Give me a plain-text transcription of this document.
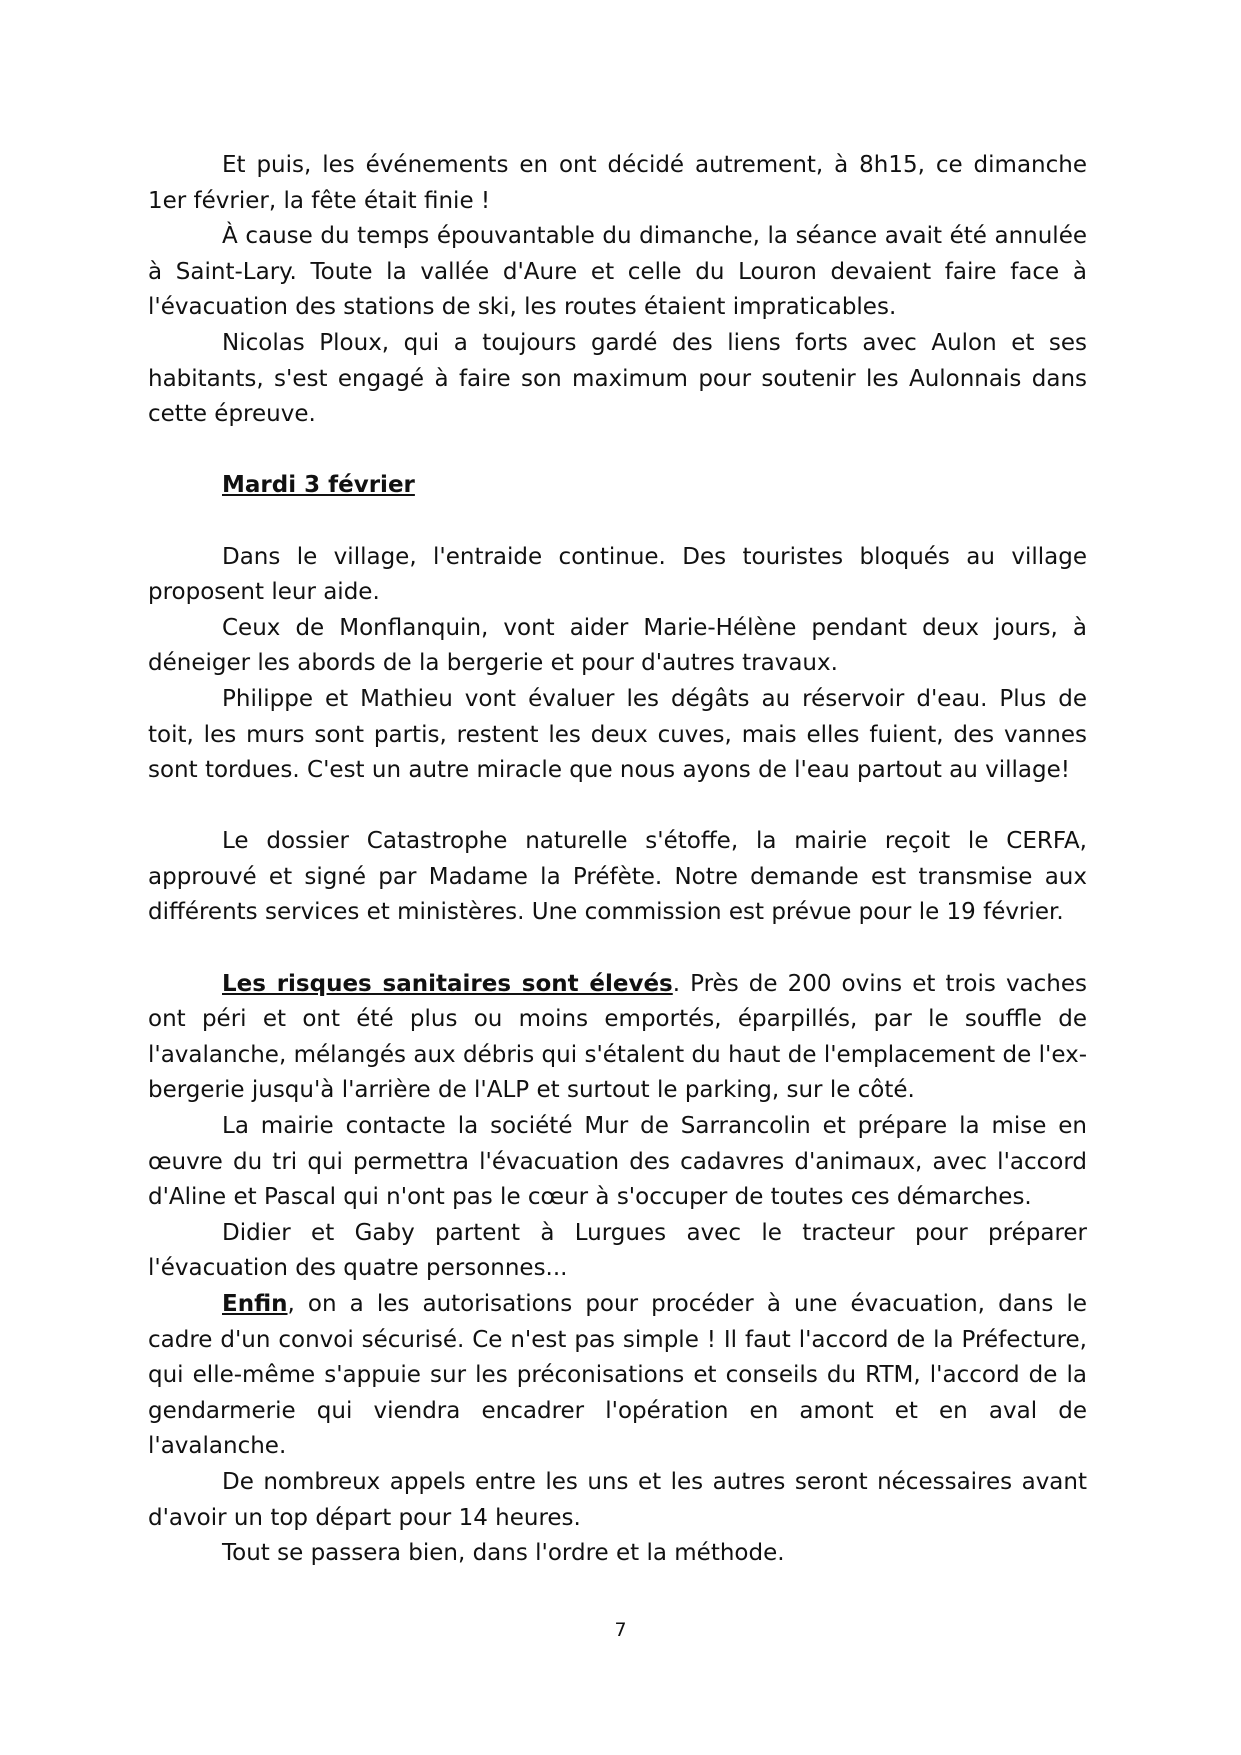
Et puis, les événements en ont décidé autrement, à 8h15, ce dimanche 1er février, la fête était finie !

À cause du temps épouvantable du dimanche, la séance avait été annulée à Saint-Lary. Toute la vallée d'Aure et celle du Louron devaient faire face à l'évacuation des stations de ski, les routes étaient impraticables.

Nicolas Ploux, qui a toujours gardé des liens forts avec Aulon et ses habitants, s'est engagé à faire son maximum pour soutenir les Aulonnais dans cette épreuve.

Mardi 3 février

Dans le village, l'entraide continue. Des touristes bloqués au village proposent leur aide.

Ceux de Monflanquin, vont aider Marie-Hélène pendant deux jours, à déneiger les abords de la bergerie et pour d'autres travaux.

Philippe et Mathieu vont évaluer les dégâts au réservoir d'eau. Plus de toit, les murs sont partis, restent les deux cuves, mais elles fuient, des vannes sont tordues. C'est un autre miracle que nous ayons de l'eau partout au village!

Le dossier Catastrophe naturelle s'étoffe, la mairie reçoit le CERFA, approuvé et signé par Madame la Préfète. Notre demande est transmise aux différents services et ministères. Une commission est prévue pour le 19 février.

Les risques sanitaires sont élevés. Près de 200 ovins et trois vaches ont péri et ont été plus ou moins emportés, éparpillés, par le souffle de l'avalanche, mélangés aux débris qui s'étalent du haut de l'emplacement de l'ex-bergerie jusqu'à l'arrière de l'ALP et surtout le parking, sur le côté.

La mairie contacte la société Mur de Sarrancolin et prépare la mise en œuvre du tri qui permettra l'évacuation des cadavres d'animaux, avec l'accord d'Aline et Pascal qui n'ont pas le cœur à s'occuper de toutes ces démarches.

Didier et Gaby partent à Lurgues avec le tracteur pour préparer l'évacuation des quatre personnes...

Enfin, on a les autorisations pour procéder à une évacuation, dans le cadre d'un convoi sécurisé. Ce n'est pas simple ! Il faut l'accord de la Préfecture, qui elle-même s'appuie sur les préconisations et conseils du RTM, l'accord de la gendarmerie qui viendra encadrer l'opération en amont et en aval de l'avalanche.

De nombreux appels entre les uns et les autres seront nécessaires avant d'avoir un top départ pour 14 heures.

Tout se passera bien, dans l'ordre et la méthode.

7
